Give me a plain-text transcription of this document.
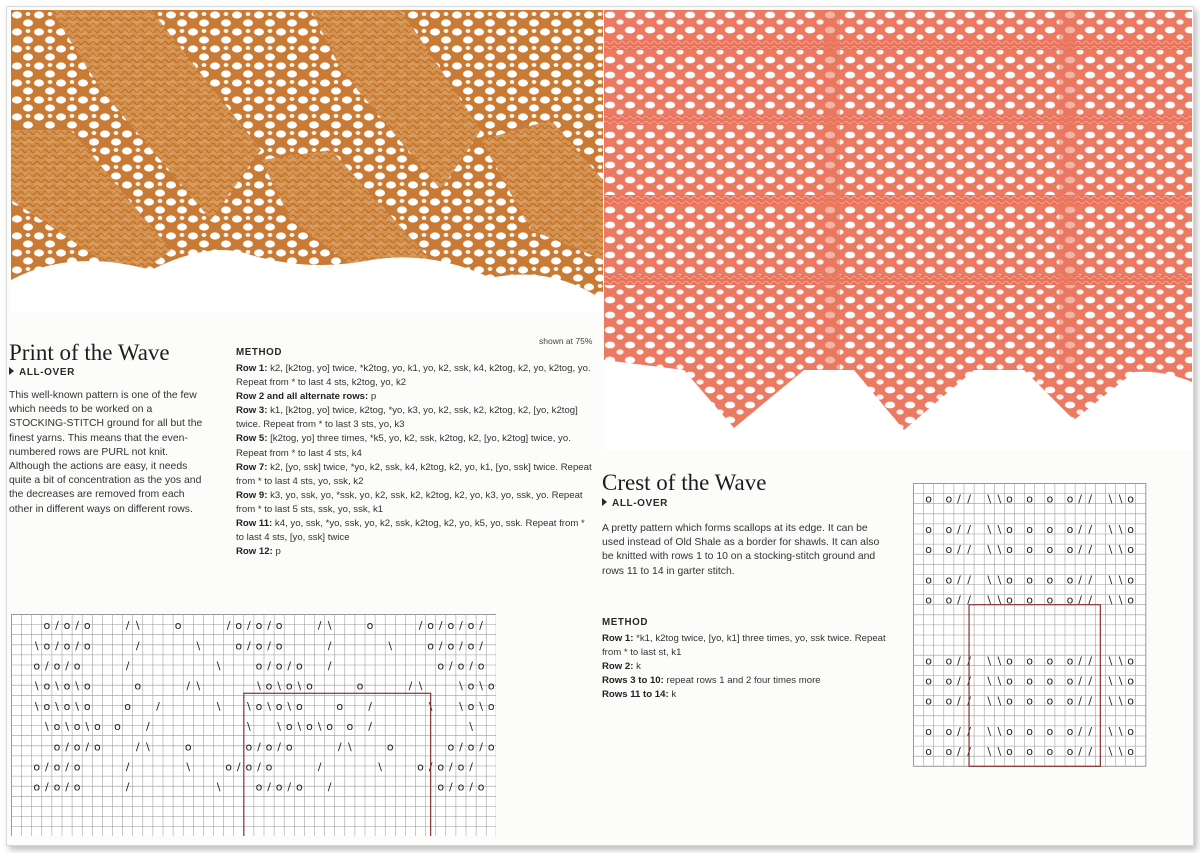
Print of the Wave
ALL-OVER
This well-known pattern is one of the few which needs to be worked on a STOCKING-STITCH ground for all but the finest yarns. This means that the even-numbered rows are PURL not knit. Although the actions are easy, it needs quite a bit of concentration as the yos and the decreases are removed from each other in different ways on different rows.
shown at 75%
METHOD

Row 1: k2, [k2tog, yo] twice, *k2tog, yo, k1, yo, k2, ssk, k4, k2tog, k2, yo, k2tog, yo. Repeat from * to last 4 sts, k2tog, yo, k2

Row 2 and all alternate rows: p

Row 3: k1, [k2tog, yo] twice, k2tog, *yo, k3, yo, k2, ssk, k2, k2tog, k2, [yo, k2tog] twice. Repeat from * to last 3 sts, yo, k3

Row 5: [k2tog, yo] three times, *k5, yo, k2, ssk, k2tog, k2, [yo, k2tog] twice, yo. Repeat from * to last 4 sts, k4

Row 7: k2, [yo, ssk] twice, *yo, k2, ssk, k4, k2tog, k2, yo, k1, [yo, ssk] twice. Repeat from * to last 4 sts, yo, ssk, k2

Row 9: k3, yo, ssk, yo, *ssk, yo, k2, ssk, k2, k2tog, k2, yo, k3, yo, ssk, yo. Repeat from * to last 5 sts, ssk, yo, ssk, k1

Row 11: k4, yo, ssk, *yo, ssk, yo, k2, ssk, k2tog, k2, yo, k5, yo, ssk. Repeat from * to last 4 sts, [yo, ssk] twice

Row 12: p

o / o / o	/ \	o	/ o / o / o	/ \	o	/ o / o / o /
\ o / o / o	/	\	o / o / o	/	\	o / o / o /
o / o / o	/	\	o / o / o /	o / o / o
\ o \ o \ o	o	/ \	\ o \ o \ o	o	/ \	\ o \ o
\ o \ o \ o	o /	\ \ o \ o \ o	o /	\ \ o \ o
\ o \ o \ o o /	\ \ o \ o \ o o /	\
o / o / o	/ \	o	o / o / o	/ \	o	o / o / o
o / o / o	/	\	o / o / o	/	\	o / o / o /
o / o / o	/	\	o / o / o /	o / o / o
Crest of the Wave
ALL-OVER
A pretty pattern which forms scallops at its edge. It can be used instead of Old Shale as a border for shawls. It can also be knitted with rows 1 to 10 on a stocking-stitch ground and rows 11 to 14 in garter stitch.
METHOD

Row 1: *k1, k2tog twice, [yo, k1] three times, yo, ssk twice. Repeat from * to last st, k1

Row 2: k

Rows 3 to 10: repeat rows 1 and 2 four times more

Rows 11 to 14: k

o o / / \ \ o o o o / / \ \ o
o o / / \ \ o o o o / / \ \ o
o o / / \ \ o o o o / / \ \ o
o o / / \ \ o o o o / / \ \ o
o o / / \ \ o o o o / / \ \ o
o o / / \ \ o o o o / / \ \ o
o o / / \ \ o o o o / / \ \ o
o o / / \ \ o o o o / / \ \ o
o o / / \ \ o o o o / / \ \ o
o o / / \ \ o o o o / / \ \ o
